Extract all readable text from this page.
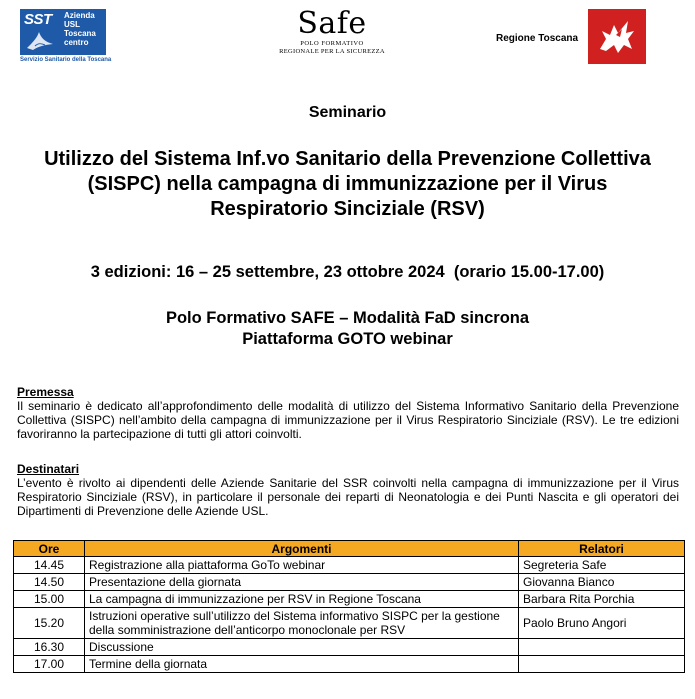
SST Azienda
USL
Toscana
centro
Servizio Sanitario della Toscana
Safe
POLO FORMATIVO
REGIONALE PER LA SICUREZZA
Regione Toscana
Seminario
Utilizzo del Sistema Inf.vo Sanitario della Prevenzione Collettiva (SISPC) nella campagna di immunizzazione per il Virus Respiratorio Sinciziale (RSV)
3 edizioni: 16 – 25 settembre, 23 ottobre 2024  (orario 15.00-17.00)
Polo Formativo SAFE – Modalità FaD sincrona
Piattaforma GOTO webinar
Premessa
Il seminario è dedicato all’approfondimento delle modalità di utilizzo del Sistema Informativo Sanitario della Prevenzione Collettiva (SISPC) nell’ambito della campagna di immunizzazione per il Virus Respiratorio Sinciziale (RSV). Le tre edizioni favoriranno la partecipazione di tutti gli attori coinvolti.
Destinatari
L’evento è rivolto ai dipendenti delle Aziende Sanitarie del SSR coinvolti nella campagna di immunizzazione per il Virus Respiratorio Sinciziale (RSV), in particolare il personale dei reparti di Neonatologia e dei Punti Nascita e gli operatori dei Dipartimenti di Prevenzione delle Aziende USL.
Ore	Argomenti	Relatori
14.45	Registrazione alla piattaforma GoTo webinar	Segreteria Safe
14.50	Presentazione della giornata	Giovanna Bianco
15.00	La campagna di immunizzazione per RSV in Regione Toscana	Barbara Rita Porchia
15.20	Istruzioni operative sull’utilizzo del Sistema informativo SISPC per la gestione della somministrazione dell’anticorpo monoclonale per RSV	Paolo Bruno Angori
16.30	Discussione	
17.00	Termine della giornata	
